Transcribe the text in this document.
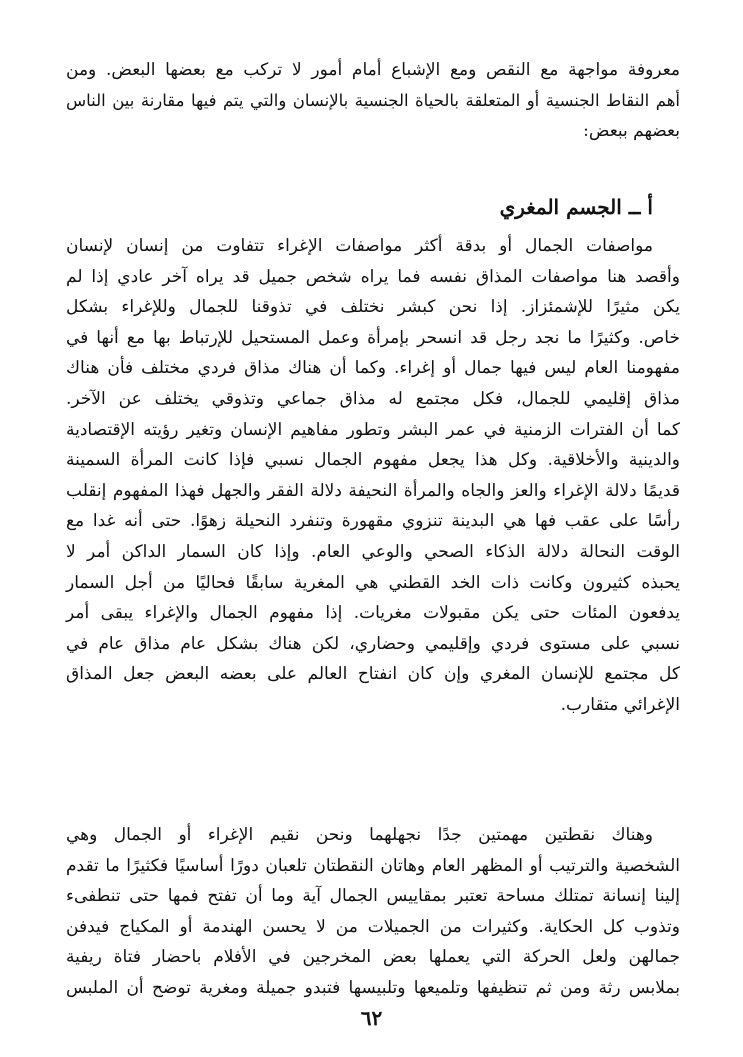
معروفة مواجهة مع النقص ومع الإشباع أمام أمور لا تركب مع بعضها البعض. ومن
أهم النقاط الجنسية أو المتعلقة بالحياة الجنسية بالإنسان والتي يتم فيها مقارنة بين الناس
بعضهم ببعض:
أ ــ الجسم المغري
مواصفات الجمال أو بدقة أكثر مواصفات الإغراء تتفاوت من إنسان لإنسان
وأقصد هنا مواصفات المذاق نفسه فما يراه شخص جميل قد يراه آخر عادي إذا لم
يكن مثيرًا للإشمئزاز. إذا نحن كبشر نختلف في تذوقنا للجمال وللإغراء بشكل
خاص. وكثيرًا ما نجد رجل قد انسحر بإمرأة وعمل المستحيل للإرتباط بها مع أنها في
مفهومنا العام ليس فيها جمال أو إغراء. وكما أن هناك مذاق فردي مختلف فأن هناك
مذاق إقليمي للجمال، فكل مجتمع له مذاق جماعي وتذوقي يختلف عن الآخر.
كما أن الفترات الزمنية في عمر البشر وتطور مفاهيم الإنسان وتغير رؤيته الإقتصادية
والدينية والأخلاقية. وكل هذا يجعل مفهوم الجمال نسبي فإذا كانت المرأة السمينة
قديمًا دلالة الإغراء والعز والجاه والمرأة النحيفة دلالة الفقر والجهل فهذا المفهوم إنقلب
رأسًا على عقب فها هي البدينة تنزوي مقهورة وتنفرد النحيلة زهوًا. حتى أنه غدا مع
الوقت النحالة دلالة الذكاء الصحي والوعي العام. وإذا كان السمار الداكن أمر لا
يحبذه كثيرون وكانت ذات الخد القطني هي المغرية سابقًا فحاليًا من أجل السمار
يدفعون المئات حتى يكن مقبولات مغريات. إذا مفهوم الجمال والإغراء يبقى أمر
نسبي على مستوى فردي وإقليمي وحضاري، لكن هناك بشكل عام مذاق عام في
كل مجتمع للإنسان المغري وإن كان انفتاح العالم على بعضه البعض جعل المذاق
الإغرائي متقارب.
وهناك نقطتين مهمتين جدًا نجهلهما ونحن نقيم الإغراء أو الجمال وهي
الشخصية والترتيب أو المظهر العام وهاتان النقطتان تلعبان دورًا أساسيًا فكثيرًا ما تقدم
إلينا إنسانة تمتلك مساحة تعتبر بمقاييس الجمال آية وما أن تفتح فمها حتى تنطفىء
وتذوب كل الحكاية. وكثيرات من الجميلات من لا يحسن الهندمة أو المكياج فيدفن
جمالهن ولعل الحركة التي يعملها بعض المخرجين في الأفلام باحضار فتاة ريفية
بملابس رثة ومن ثم تنظيفها وتلميعها وتلبيسها فتبدو جميلة ومغرية توضح أن الملبس
٦٢
